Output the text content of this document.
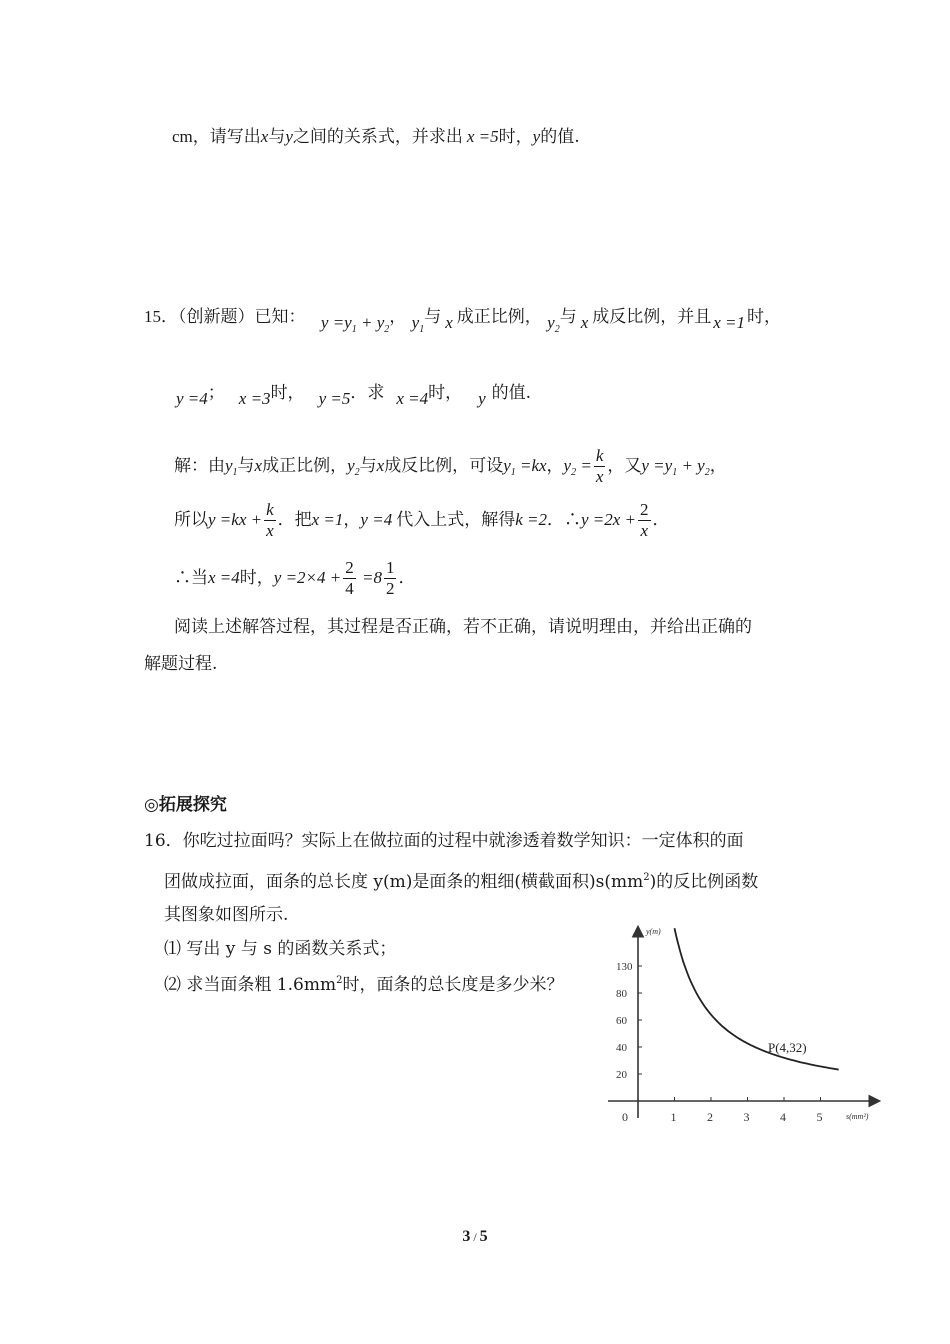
cm，请写出x与y之间的关系式，并求出 x =5时，y的值.
15．（创新题）已知： $y =y_1 + y_2$， $y_1$与 x 成正比例， $y_2$与 x 成反比例，并且 x =1 时，
y =4； x =3时， y =5．求 x =4时， y 的值.
解：由$y_1$与x成正比例，$y_2$与x成反比例，可设$y_1 =kx$，$y_2 = \frac{k}{x}$ ，又$y =y_1 + y_2$，
所以$y =kx + \frac{k}{x}$ ．把x =1，y =4 代入上式，解得k =2．∴y $=2x + \frac{2}{x}$ ．
∴当x =4时，$y =2\times 4 + \frac{2}{4} =8 \frac{1}{2}$ ．
阅读上述解答过程，其过程是否正确，若不正确，请说明理由，并给出正确的
解题过程.
◎拓展探究
16．你吃过拉面吗？实际上在做拉面的过程中就渗透着数学知识：一定体积的面
团做成拉面，面条的总长度 y(m)是面条的粗细(横截面积)$s(mm^2)$的反比例函数
其图象如图所示.
⑴ 写出 y 与 s 的函数关系式；
⑵ 求当面条粗 $1.6mm^2$时，面条的总长度是多少米？
y(m)
s(mm²)
0	1	2	3	4	5
20
40
60
80
130
P(4,32)
3 / 5
